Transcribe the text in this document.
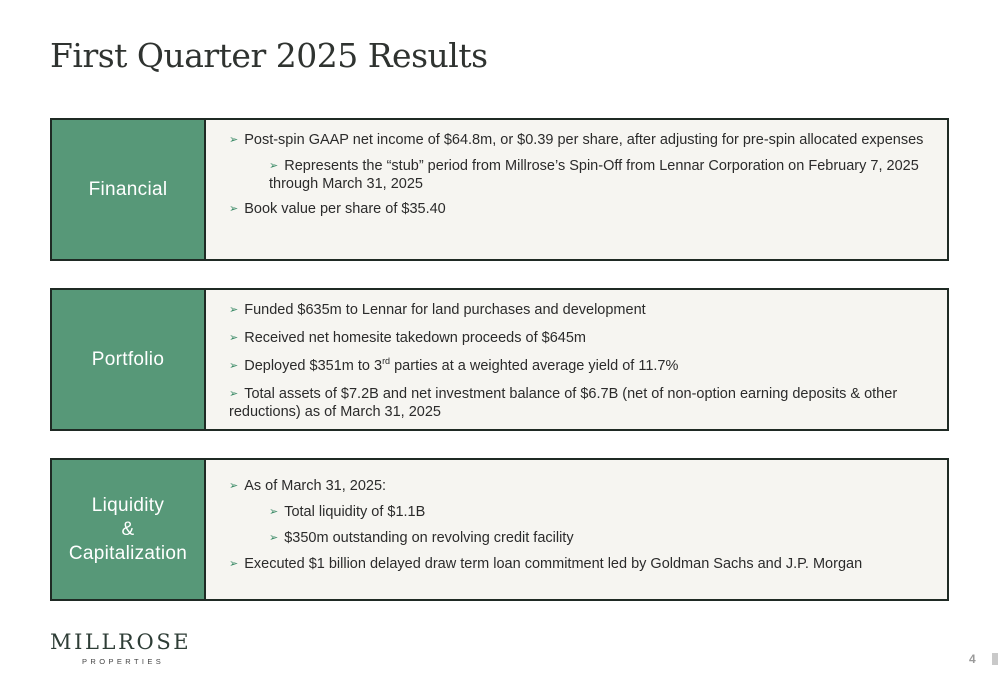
First Quarter 2025 Results
Financial
➢ Post-spin GAAP net income of $64.8m, or $0.39 per share, after adjusting for pre-spin allocated expenses
➢ Represents the “stub” period from Millrose’s Spin-Off from Lennar Corporation on February 7, 2025 through March 31, 2025
➢ Book value per share of $35.40
Portfolio
➢ Funded $635m to Lennar for land purchases and development
➢ Received net homesite takedown proceeds of $645m
➢ Deployed $351m to 3rd parties at a weighted average yield of 11.7%
➢ Total assets of $7.2B and net investment balance of $6.7B (net of non-option earning deposits & other reductions) as of March 31, 2025
Liquidity
&
Capitalization
➢ As of March 31, 2025:
➢ Total liquidity of $1.1B
➢ $350m outstanding on revolving credit facility
➢ Executed $1 billion delayed draw term loan commitment led by Goldman Sachs and J.P. Morgan
MILLROSE
PROPERTIES	4
